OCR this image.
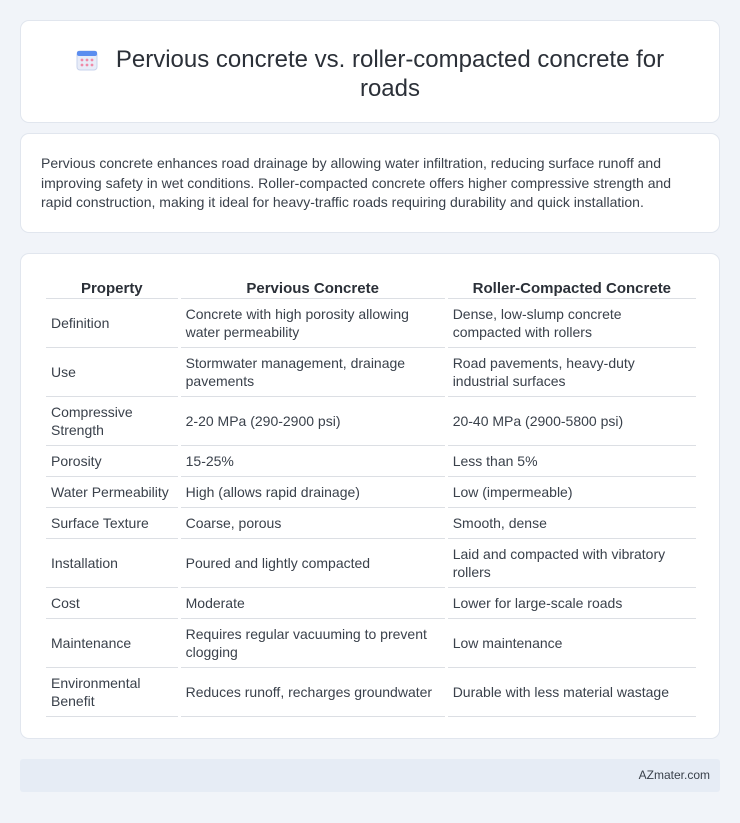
Pervious concrete vs. roller-compacted concrete for roads

Pervious concrete enhances road drainage by allowing water infiltration, reducing surface runoff and improving safety in wet conditions. Roller-compacted concrete offers higher compressive strength and rapid construction, making it ideal for heavy-traffic roads requiring durability and quick installation.

Property	Pervious Concrete	Roller-Compacted Concrete
Definition	Concrete with high porosity allowing water permeability	Dense, low-slump concrete compacted with rollers
Use	Stormwater management, drainage pavements	Road pavements, heavy-duty industrial surfaces
Compressive Strength	2-20 MPa (290-2900 psi)	20-40 MPa (2900-5800 psi)
Porosity	15-25%	Less than 5%
Water Permeability	High (allows rapid drainage)	Low (impermeable)
Surface Texture	Coarse, porous	Smooth, dense
Installation	Poured and lightly compacted	Laid and compacted with vibratory rollers
Cost	Moderate	Lower for large-scale roads
Maintenance	Requires regular vacuuming to prevent clogging	Low maintenance
Environmental Benefit	Reduces runoff, recharges groundwater	Durable with less material wastage
AZmater.com
